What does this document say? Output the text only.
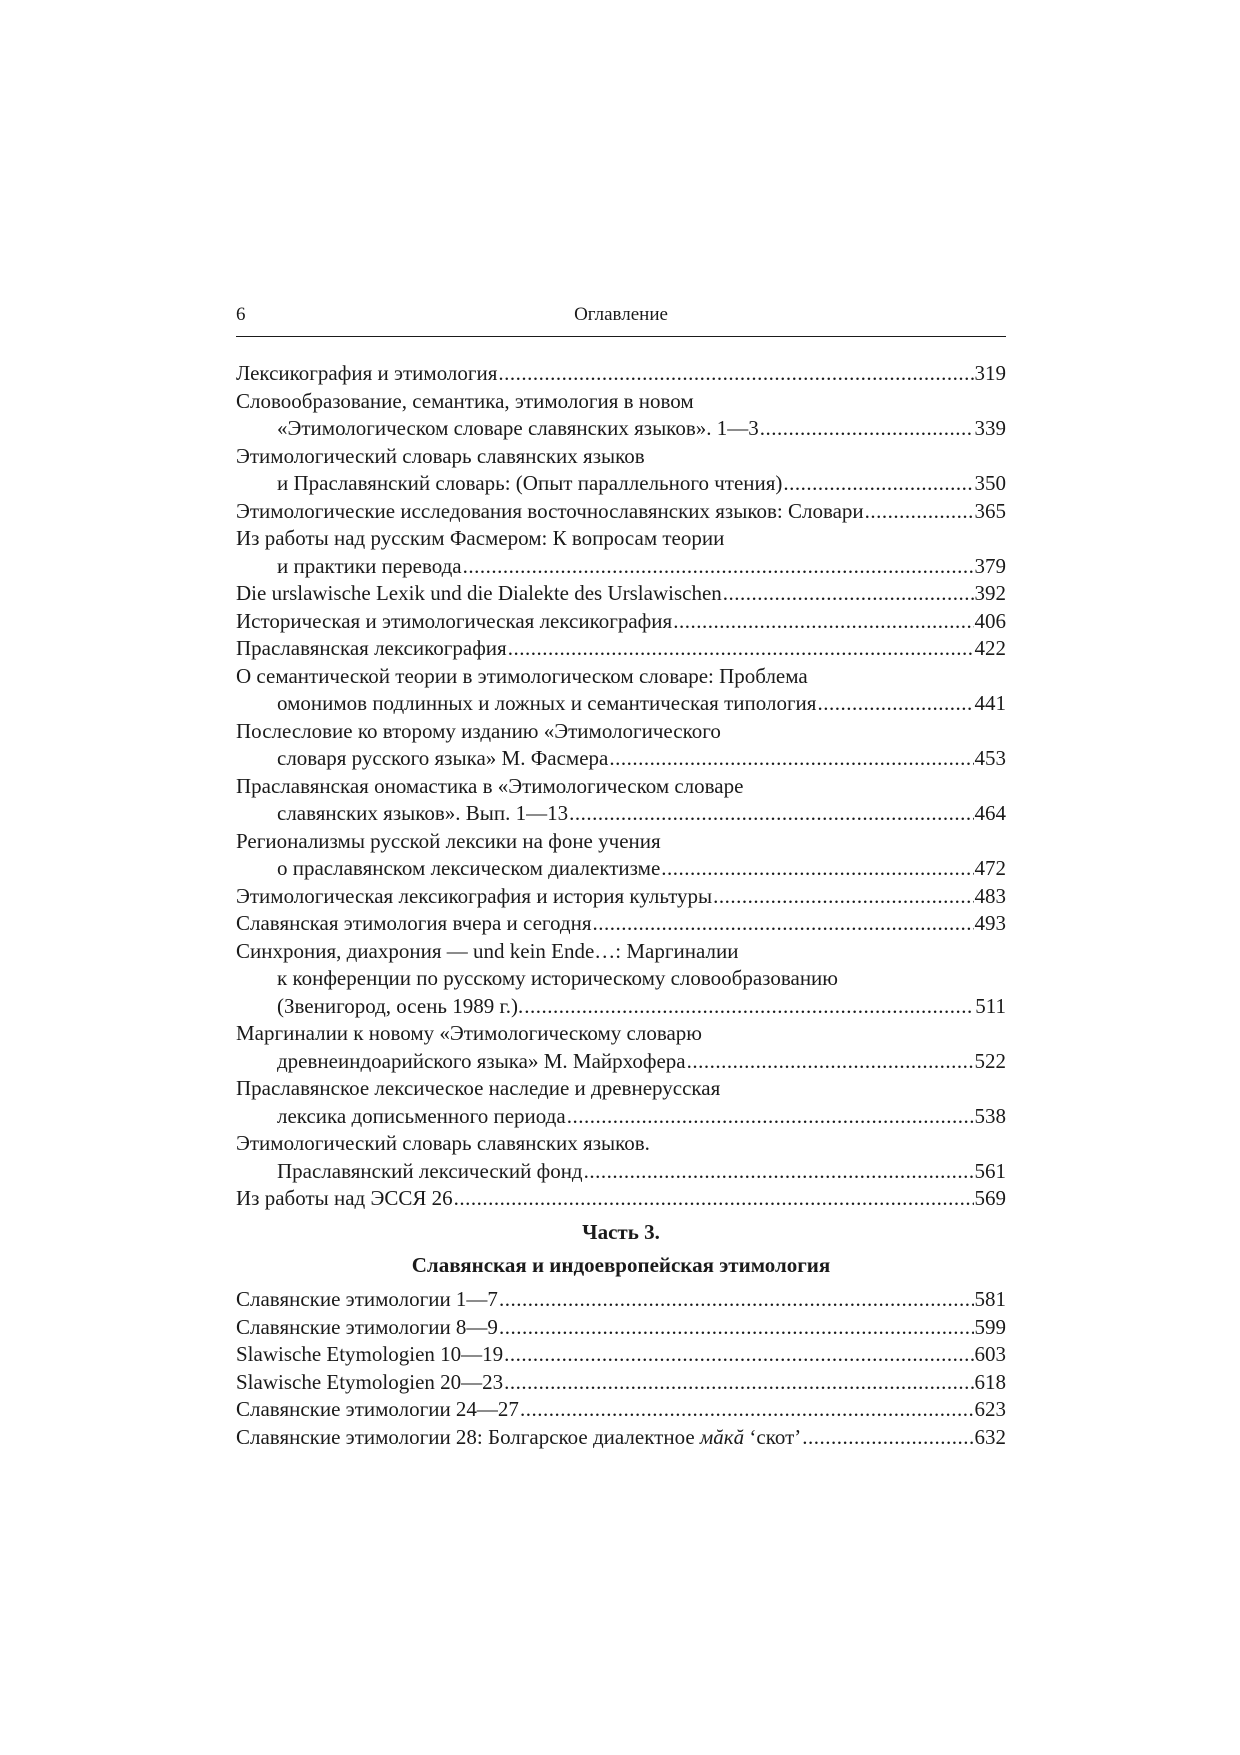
6	Оглавление
Лексикография и этимология .....	319
Словообразование, семантика, этимология в новом
«Этимологическом словаре славянских языков». 1—3 .....	339
Этимологический словарь славянских языков
и Праславянский словарь: (Опыт параллельного чтения) .....	350
Этимологические исследования восточнославянских языков: Словари .....	365
Из работы над русским Фасмером: К вопросам теории
и практики перевода .....	379
Die urslawische Lexik und die Dialekte des Urslawischen .....	392
Историческая и этимологическая лексикография .....	406
Праславянская лексикография .....	422
О семантической теории в этимологическом словаре: Проблема
омонимов подлинных и ложных и семантическая типология .....	441
Послесловие ко второму изданию «Этимологического
словаря русского языка» М. Фасмера .....	453
Праславянская ономастика в «Этимологическом словаре
славянских языков». Вып. 1—13 .....	464
Регионализмы русской лексики на фоне учения
о праславянском лексическом диалектизме .....	472
Этимологическая лексикография и история культуры .....	483
Славянская этимология вчера и сегодня .....	493
Синхрония, диахрония — und kein Ende…: Маргиналии
к конференции по русскому историческому словообразованию
(Звенигород, осень 1989 г.). .....	511
Маргиналии к новому «Этимологическому словарю
древнеиндоарийского языка» М. Майрхофера .....	522
Праславянское лексическое наследие и древнерусская
лексика дописьменного периода .....	538
Этимологический словарь славянских языков.
Праславянский лексический фонд .....	561
Из работы над ЭССЯ 26 .....	569
Часть 3.
Славянская и индоевропейская этимология
Славянские этимологии 1—7 .....	581
Славянские этимологии 8—9 .....	599
Slawische Etymologien 10—19 .....	603
Slawische Etymologien 20—23 .....	618
Славянские этимологии 24—27 .....	623
Славянские этимологии 28: Болгарское диалектное мăкă ʻскот’ .....	632
